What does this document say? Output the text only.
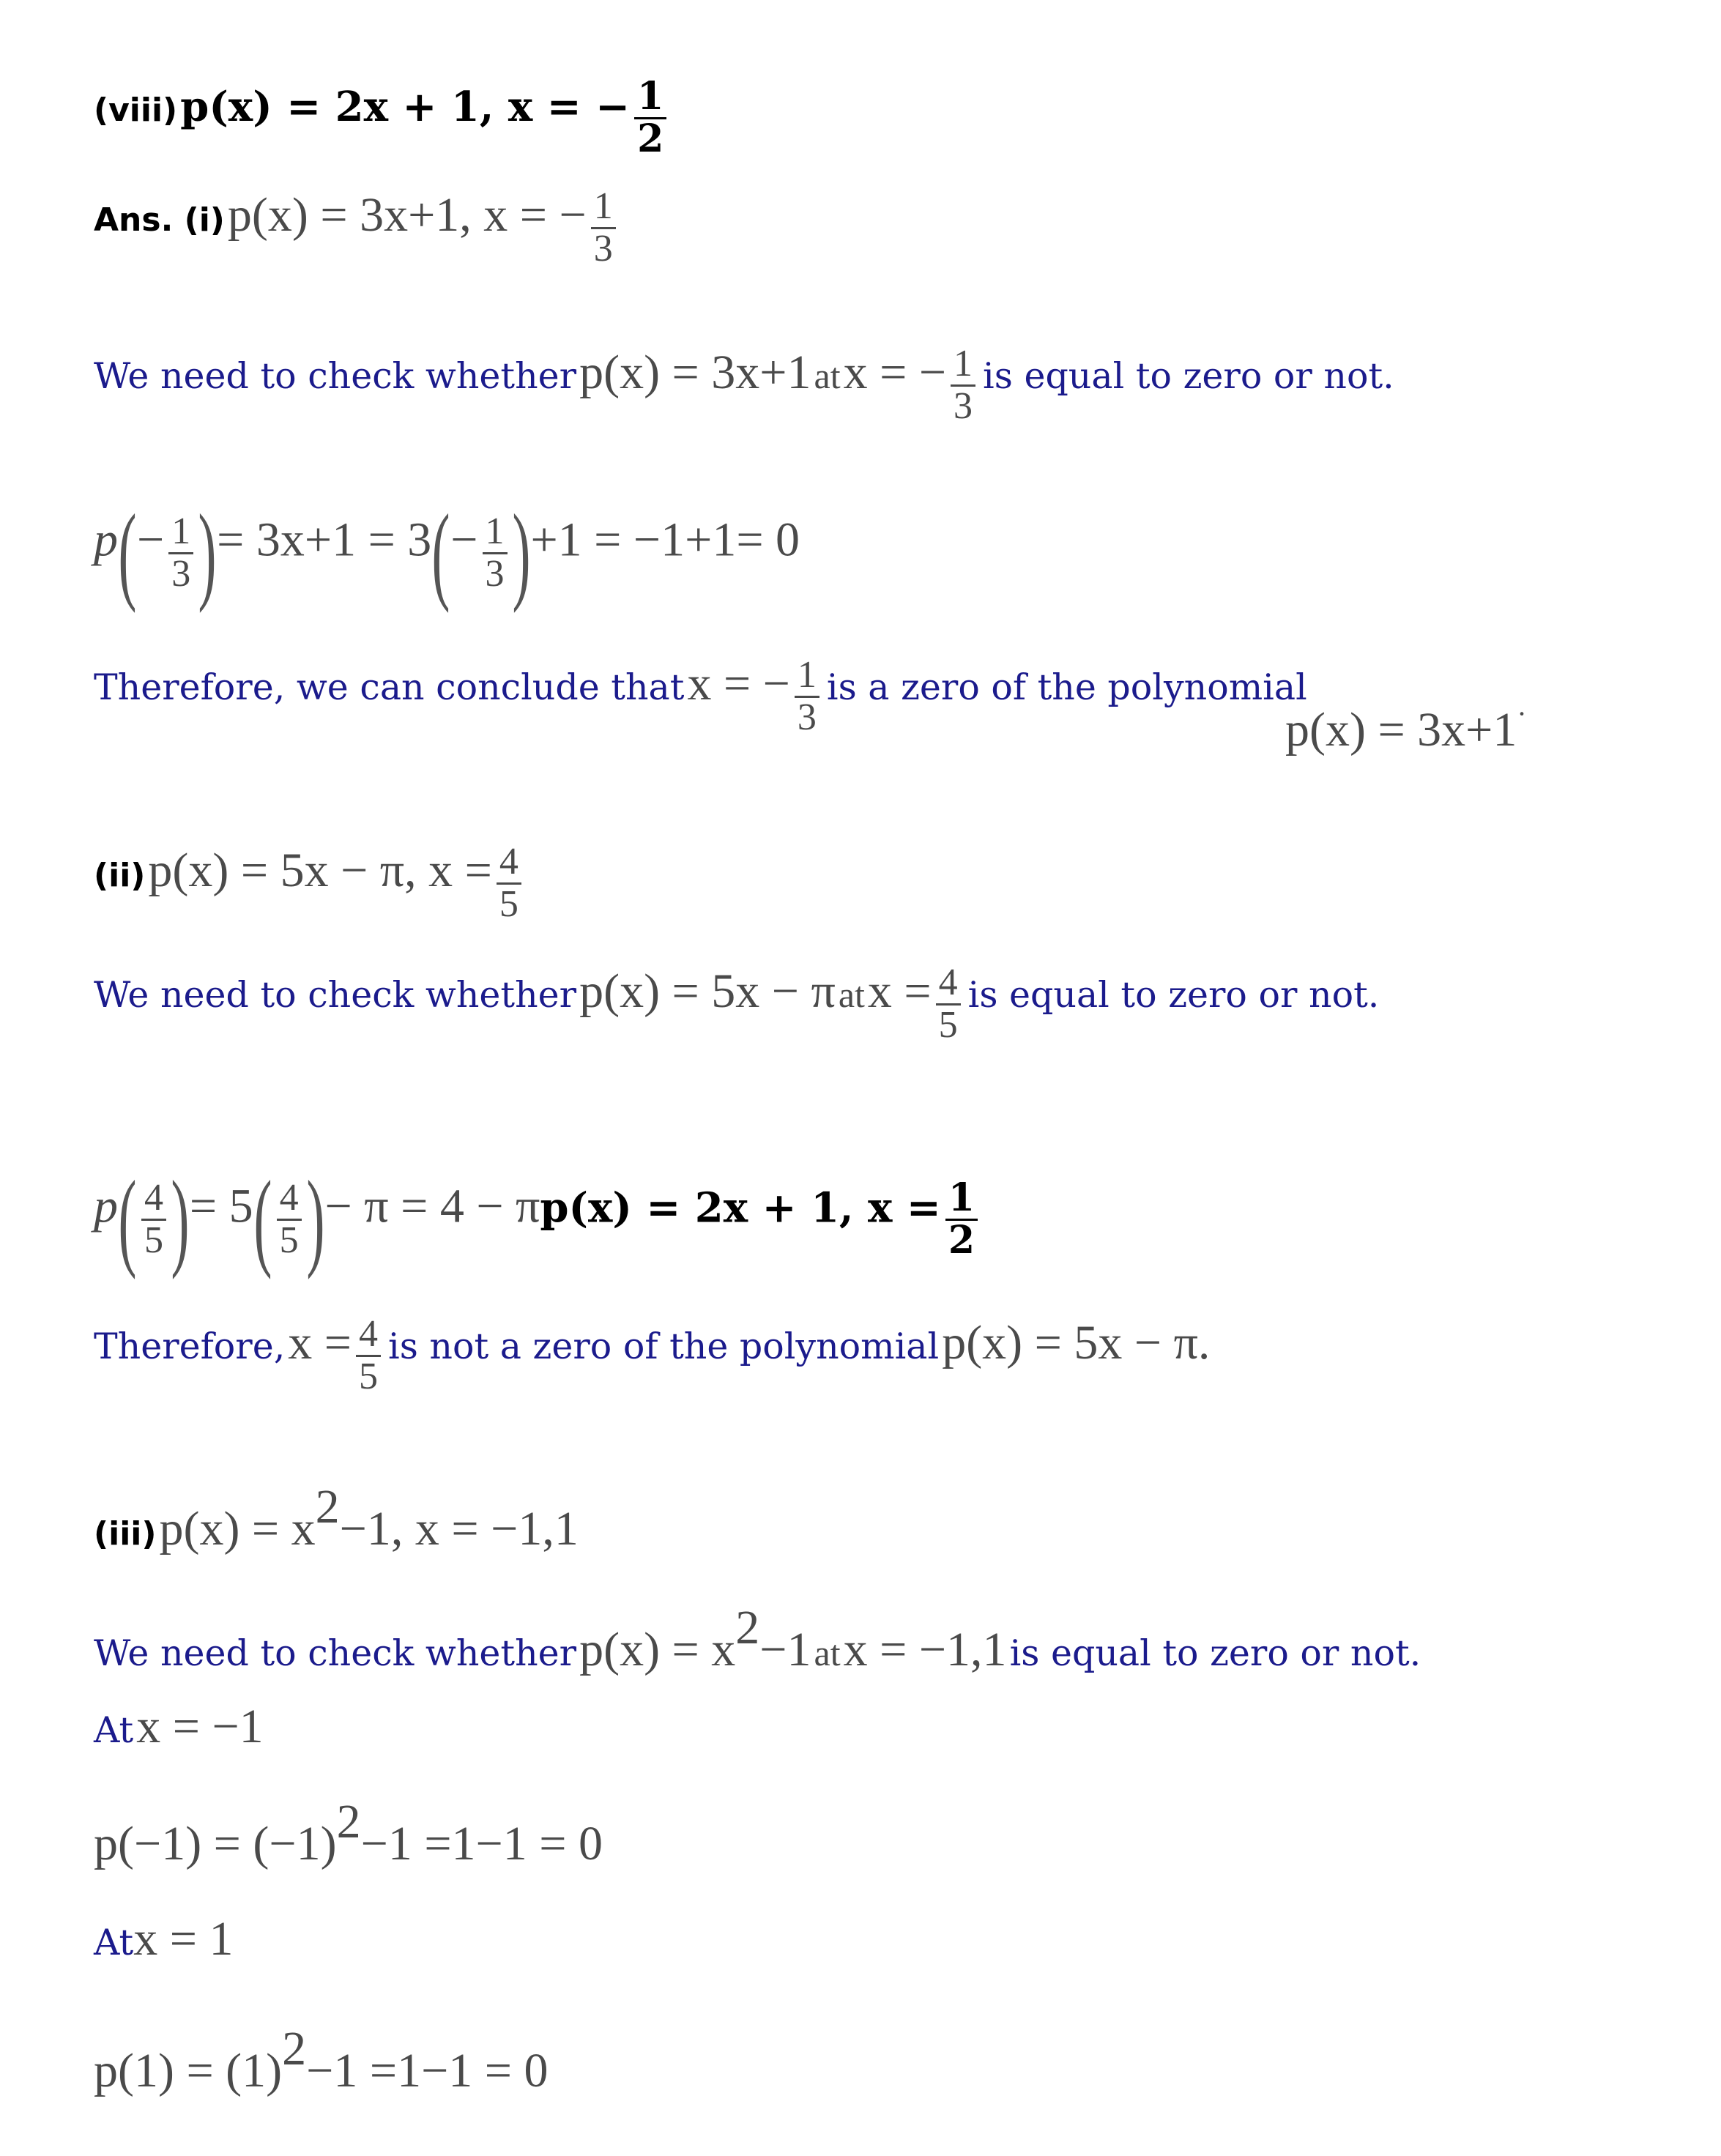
(viii) p(x) = 2x + 1, x = − $\frac{1}{2}$
Ans. (i) p(x) = 3x+1, x = − $\frac{1}{3}$
We need to check whether p(x) = 3x+1 at x = − $\frac{1}{3}$ is equal to zero or not.
$p(- \frac{1}{3}$ )= $3x+1 = 3(- \frac{1}{3} )+1 = -1+1= 0$
Therefore, we can conclude that x = − $\frac{1}{3}$ is a zero of the polynomial
p(x) = 3x+1·
(ii) p(x) = 5x − π, $x = \frac{4}{5}$
We need to check whether p(x) = 5x − π at $x = \frac{4}{5}$ is equal to zero or not.
$p( \frac{4}{5}$ )= $5( \frac{4}{5}$ )− π = 4 − πp(x) = 2x + 1, $x = \frac{1}{2}$
Therefore, $x = \frac{4}{5}$ is not a zero of the polynomial p(x) = 5x − π.
(iii) $p(x) = x^2-1$, x = −1,1
We need to check whether $p(x) = x^2-1$ at x = −1,1 is equal to zero or not.
At x = −1
$p(-1) = (-1)^2-1 =1-1 = 0$
Atx = 1
$p(1) = (1)^2-1 =1-1 = 0$
